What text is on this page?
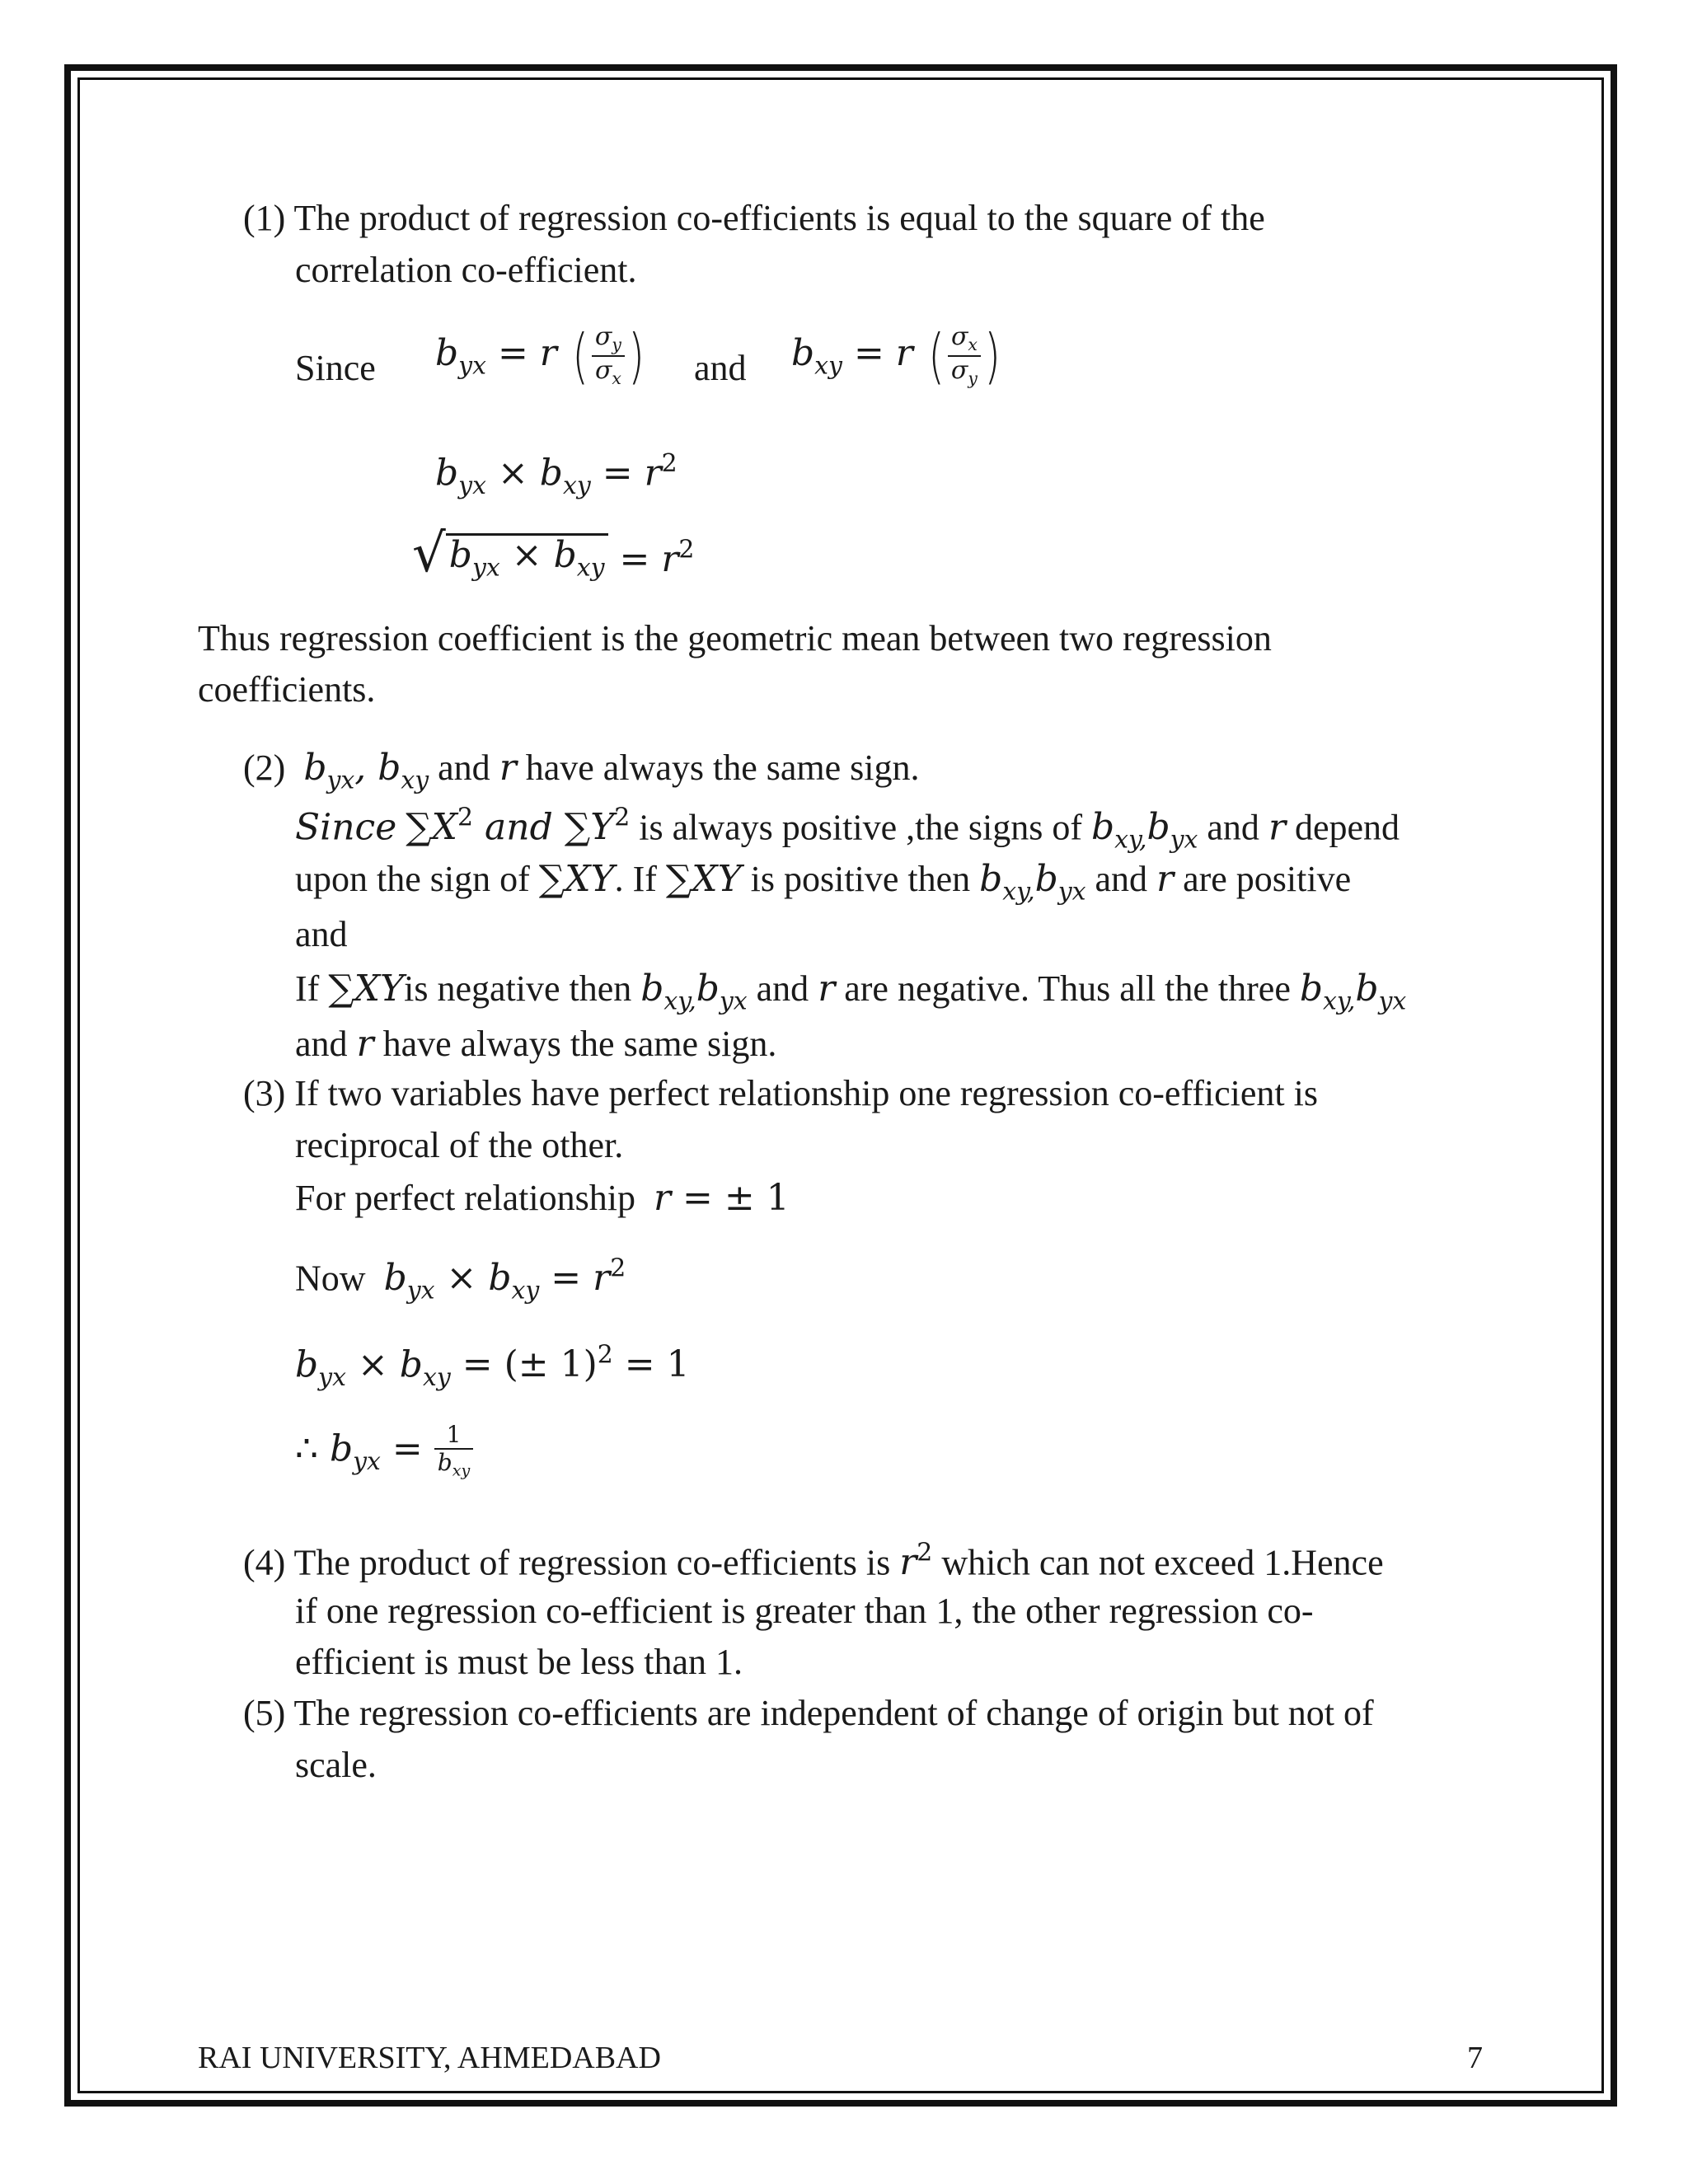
(1) The product of regression co-efficients is equal to the square of the
correlation co-efficient.
Since $b_{yx} = r$ ( $\frac{\sigma_y}{\sigma_x}$ ) and $b_{xy} = r$ ( $\frac{\sigma_x}{\sigma_y}$ )
$b_{yx} \times b_{xy} = r^2$
√ $b_{yx} \times b_{xy} = r^2$
Thus regression coefficient is the geometric mean between two regression
coefficients.
(2) $b_{yx}$, $b_{xy}$ and r have always the same sign.
Since $\sum X^2$ and $\sum Y^2$ is always positive ,the signs of $b_{xy,}b_{yx}$ and r depend
upon the sign of ∑XY. If ∑XY is positive then $b_{xy,}b_{yx}$ and r are positive
and
If ∑XYis negative then $b_{xy,}b_{yx}$ and r are negative. Thus all the three $b_{xy,}b_{yx}$
and r have always the same sign.
(3) If two variables have perfect relationship one regression co-efficient is
reciprocal of the other.
For perfect relationship r = ± 1
Now $b_{yx} \times b_{xy} = r^2$
$b_{yx} \times b_{xy}$ = (± 1)$^2$ = 1
∴ $b_{yx} = \frac{1}{b_{xy}}$
(4) The product of regression co-efficients is $r^2$ which can not exceed 1.Hence
if one regression co-efficient is greater than 1, the other regression co-
efficient is must be less than 1.
(5) The regression co-efficients are independent of change of origin but not of
scale.
RAI UNIVERSITY, AHMEDABAD	7
